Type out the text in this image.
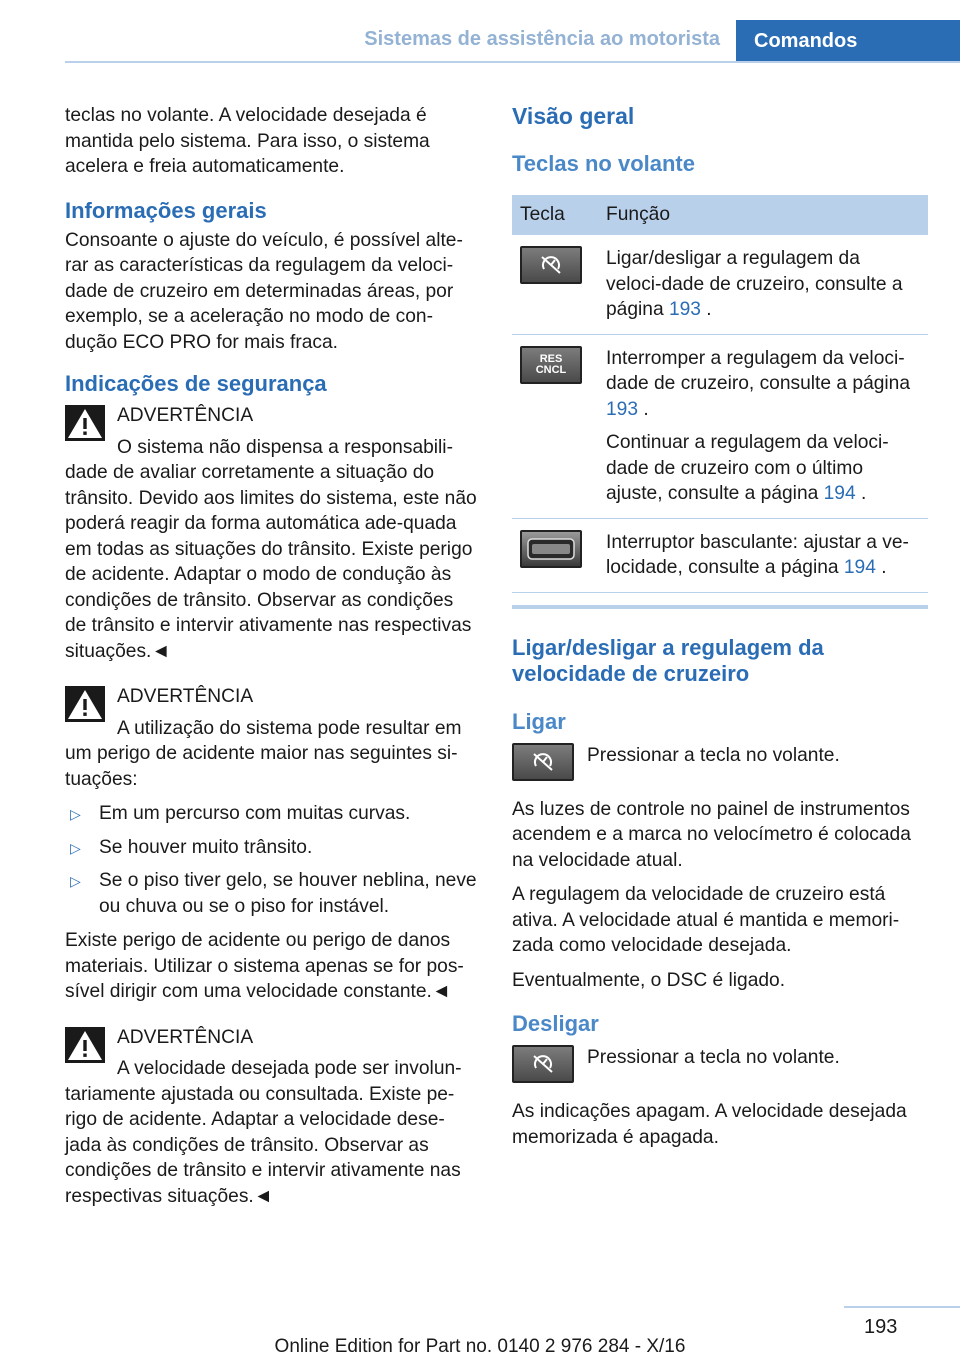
Sistemas de assistência ao motorista	Comandos

teclas no volante. A velocidade desejada é mantida pelo sistema. Para isso, o sistema acelera e freia automaticamente.

Informações gerais

Consoante o ajuste do veículo, é possível alte‐rar as características da regulagem da veloci‐dade de cruzeiro em determinadas áreas, por exemplo, se a aceleração no modo de con‐dução ECO PRO for mais fraca.

Indicações de segurança
ADVERTÊNCIA

O sistema não dispensa a responsabili‐dade de avaliar corretamente a situação do trânsito. Devido aos limites do sistema, este não poderá reagir da forma automática ade‐quada em todas as situações do trânsito. Existe perigo de acidente. Adaptar o modo de condução às condições de trânsito. Observar as condições de trânsito e intervir ativamente nas respectivas situações.◄

ADVERTÊNCIA

A utilização do sistema pode resultar em um perigo de acidente maior nas seguintes si‐tuações:

▷ Em um percurso com muitas curvas.
▷ Se houver muito trânsito.
▷ Se o piso tiver gelo, se houver neblina, neve ou chuva ou se o piso for instável.

Existe perigo de acidente ou perigo de danos materiais. Utilizar o sistema apenas se for pos‐sível dirigir com uma velocidade constante.◄

ADVERTÊNCIA

A velocidade desejada pode ser involun‐tariamente ajustada ou consultada. Existe pe‐rigo de acidente. Adaptar a velocidade dese‐jada às condições de trânsito. Observar as condições de trânsito e intervir ativamente nas respectivas situações.◄

Visão geral
Teclas no volante
Tecla	Função

Ligar/desligar a regulagem da veloci‐dade de cruzeiro, consulte a página 193 .

RES CNCL	Interromper a regulagem da veloci‐dade de cruzeiro, consulte a página 193 .

Continuar a regulagem da veloci‐dade de cruzeiro com o último ajuste, consulte a página 194 .

Interruptor basculante: ajustar a ve‐locidade, consulte a página 194 .

Ligar/desligar a regulagem da velocidade de cruzeiro
Ligar

Pressionar a tecla no volante.

As luzes de controle no painel de instrumentos acendem e a marca no velocímetro é colocada na velocidade atual.

A regulagem da velocidade de cruzeiro está ativa. A velocidade atual é mantida e memori‐zada como velocidade desejada.

Eventualmente, o DSC é ligado.

Desligar

Pressionar a tecla no volante.

As indicações apagam. A velocidade desejada memorizada é apagada.

193
Online Edition for Part no. 0140 2 976 284 - X/16
